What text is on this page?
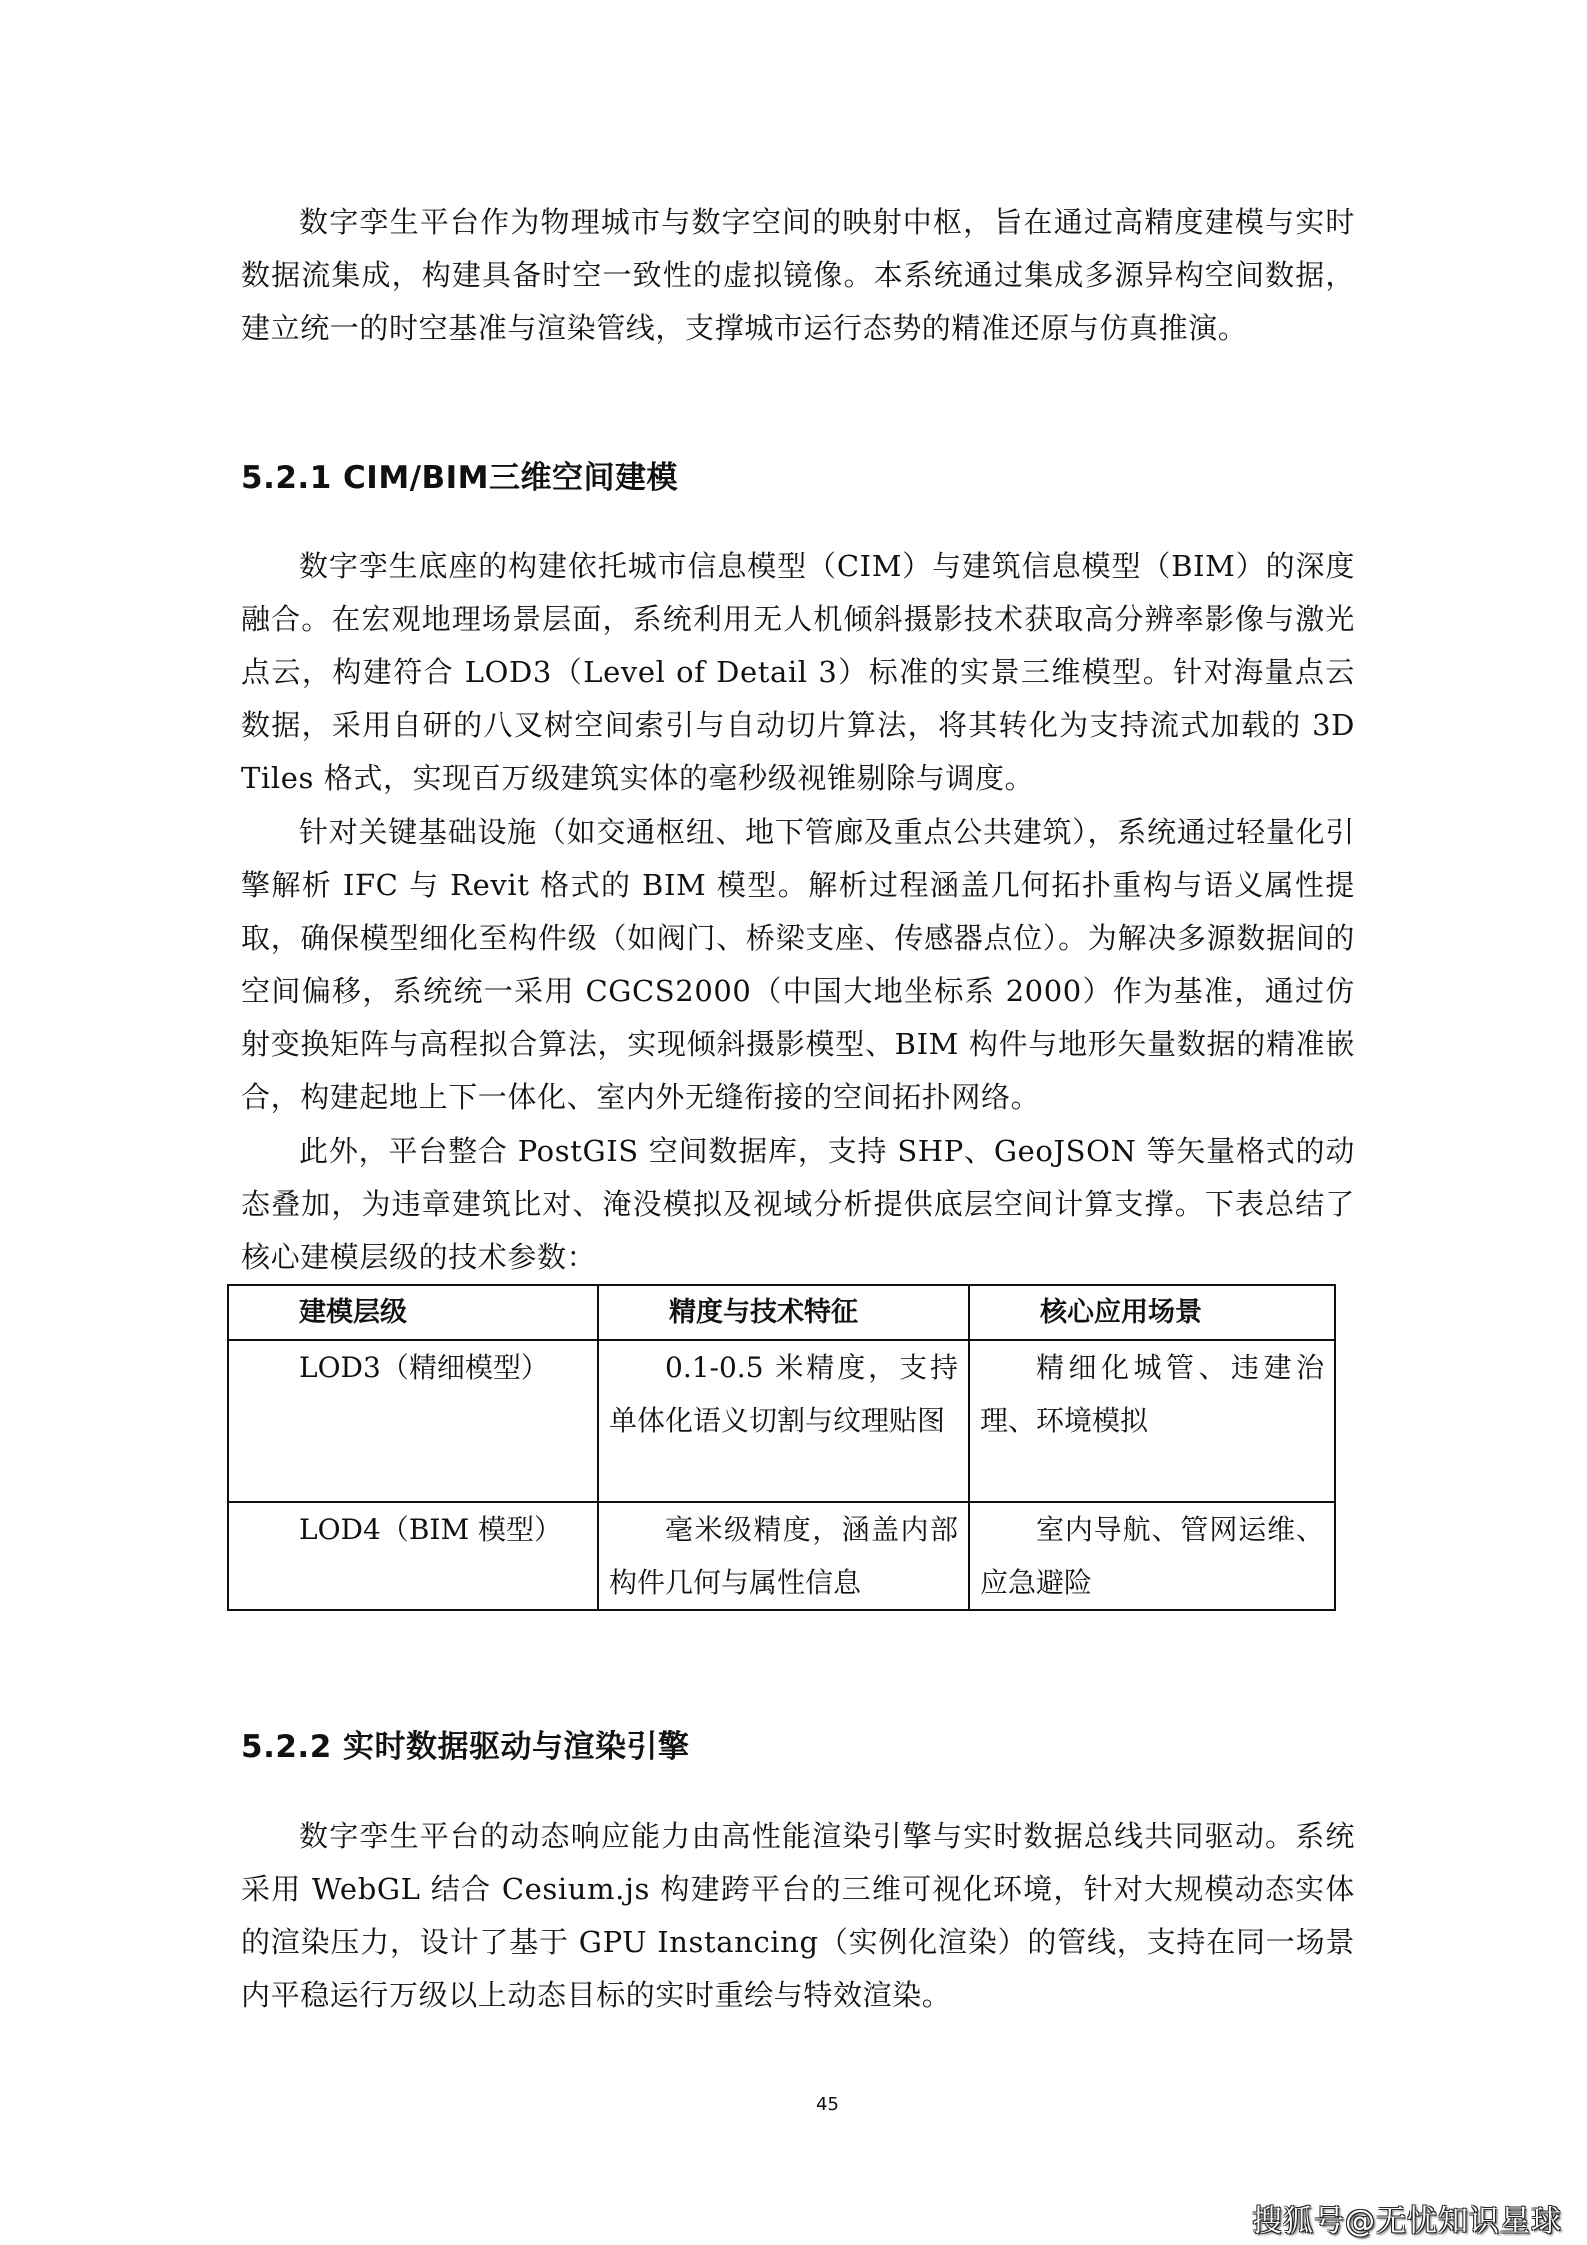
数字孪生平台作为物理城市与数字空间的映射中枢，旨在通过高精度建模与实时数据流集成，构建具备时空一致性的虚拟镜像。本系统通过集成多源异构空间数据，建立统一的时空基准与渲染管线，支撑城市运行态势的精准还原与仿真推演。

5.2.1 CIM/BIM三维空间建模

数字孪生底座的构建依托城市信息模型（CIM）与建筑信息模型（BIM）的深度融合。在宏观地理场景层面，系统利用无人机倾斜摄影技术获取高分辨率影像与激光点云，构建符合 LOD3（Level of Detail 3）标准的实景三维模型。针对海量点云数据，采用自研的八叉树空间索引与自动切片算法，将其转化为支持流式加载的 3D Tiles 格式，实现百万级建筑实体的毫秒级视锥剔除与调度。

针对关键基础设施（如交通枢纽、地下管廊及重点公共建筑），系统通过轻量化引擎解析 IFC 与 Revit 格式的 BIM 模型。解析过程涵盖几何拓扑重构与语义属性提取，确保模型细化至构件级（如阀门、桥梁支座、传感器点位）。为解决多源数据间的空间偏移，系统统一采用 CGCS2000（中国大地坐标系 2000）作为基准，通过仿射变换矩阵与高程拟合算法，实现倾斜摄影模型、BIM 构件与地形矢量数据的精准嵌合，构建起地上下一体化、室内外无缝衔接的空间拓扑网络。

此外，平台整合 PostGIS 空间数据库，支持 SHP、GeoJSON 等矢量格式的动态叠加，为违章建筑比对、淹没模拟及视域分析提供底层空间计算支撑。下表总结了核心建模层级的技术参数：

建模层级	精度与技术特征	核心应用场景
LOD3（精细模型）	0.1-0.5 米精度，支持单体化语义切割与纹理贴图	精细化城管、违建治理、环境模拟
LOD4（BIM 模型）	毫米级精度，涵盖内部构件几何与属性信息	室内导航、管网运维、应急避险
5.2.2 实时数据驱动与渲染引擎

数字孪生平台的动态响应能力由高性能渲染引擎与实时数据总线共同驱动。系统采用 WebGL 结合 Cesium.js 构建跨平台的三维可视化环境，针对大规模动态实体的渲染压力，设计了基于 GPU Instancing（实例化渲染）的管线，支持在同一场景内平稳运行万级以上动态目标的实时重绘与特效渲染。

45
搜狐号@无忧知识星球
